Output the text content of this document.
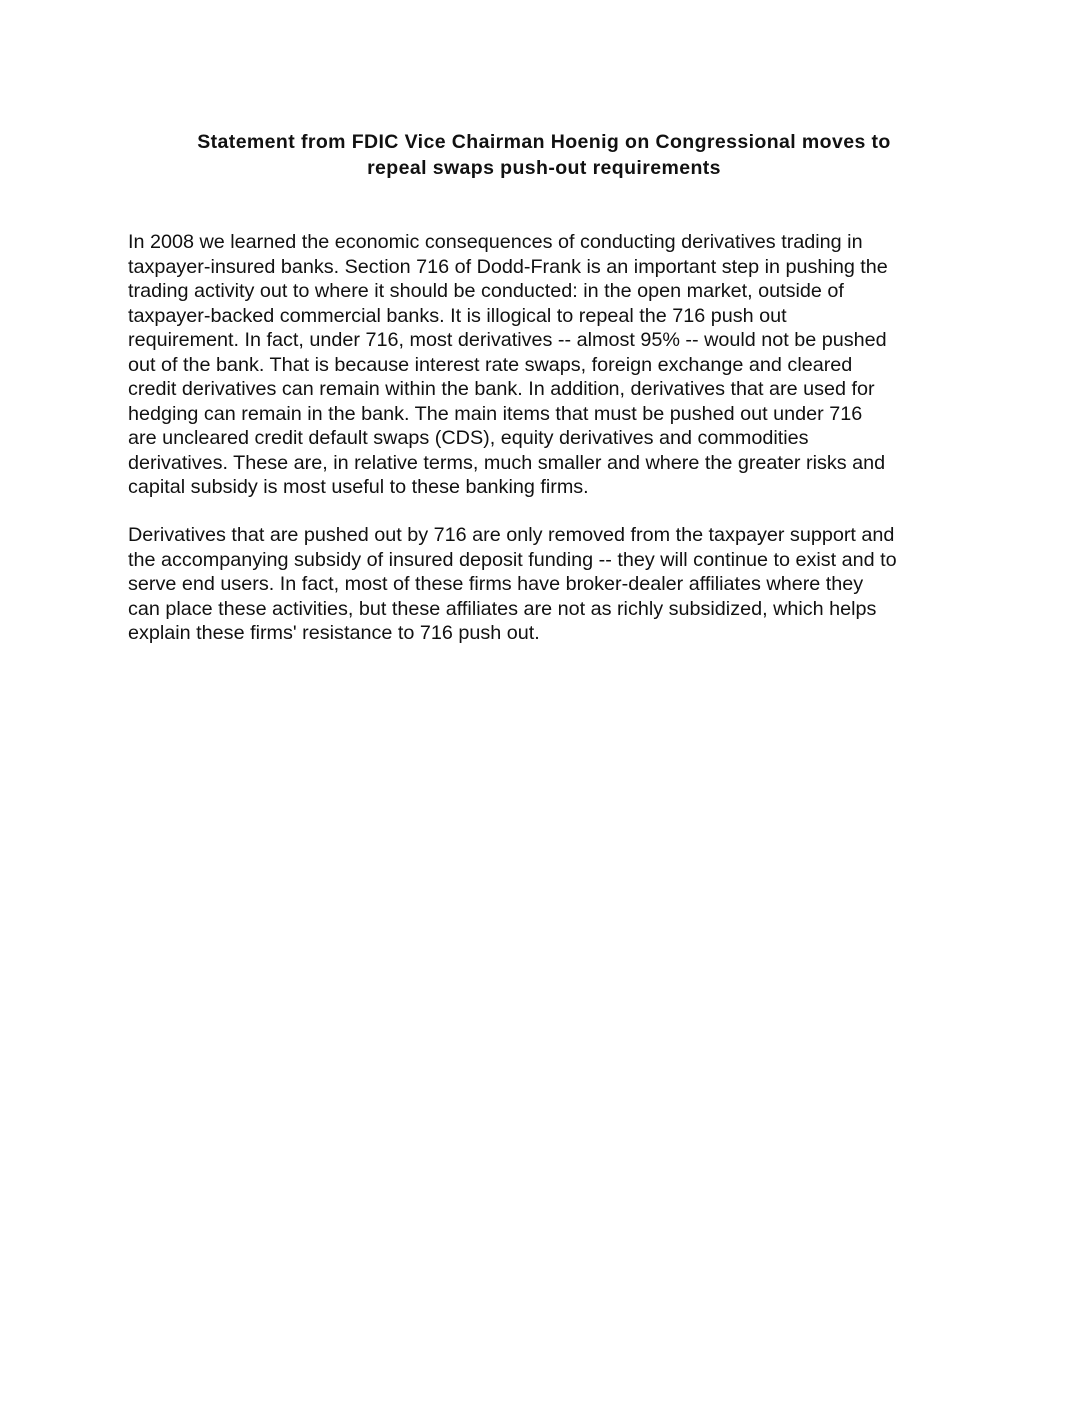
Statement from FDIC Vice Chairman Hoenig on Congressional moves to
repeal swaps push-out requirements
In 2008 we learned the economic consequences of conducting derivatives trading in
taxpayer-insured banks. Section 716 of Dodd-Frank is an important step in pushing the
trading activity out to where it should be conducted: in the open market, outside of
taxpayer-backed commercial banks. It is illogical to repeal the 716 push out
requirement. In fact, under 716, most derivatives -- almost 95% -- would not be pushed
out of the bank. That is because interest rate swaps, foreign exchange and cleared
credit derivatives can remain within the bank. In addition, derivatives that are used for
hedging can remain in the bank. The main items that must be pushed out under 716
are uncleared credit default swaps (CDS), equity derivatives and commodities
derivatives. These are, in relative terms, much smaller and where the greater risks and
capital subsidy is most useful to these banking firms.
Derivatives that are pushed out by 716 are only removed from the taxpayer support and
the accompanying subsidy of insured deposit funding -- they will continue to exist and to
serve end users. In fact, most of these firms have broker-dealer affiliates where they
can place these activities, but these affiliates are not as richly subsidized, which helps
explain these firms' resistance to 716 push out.
